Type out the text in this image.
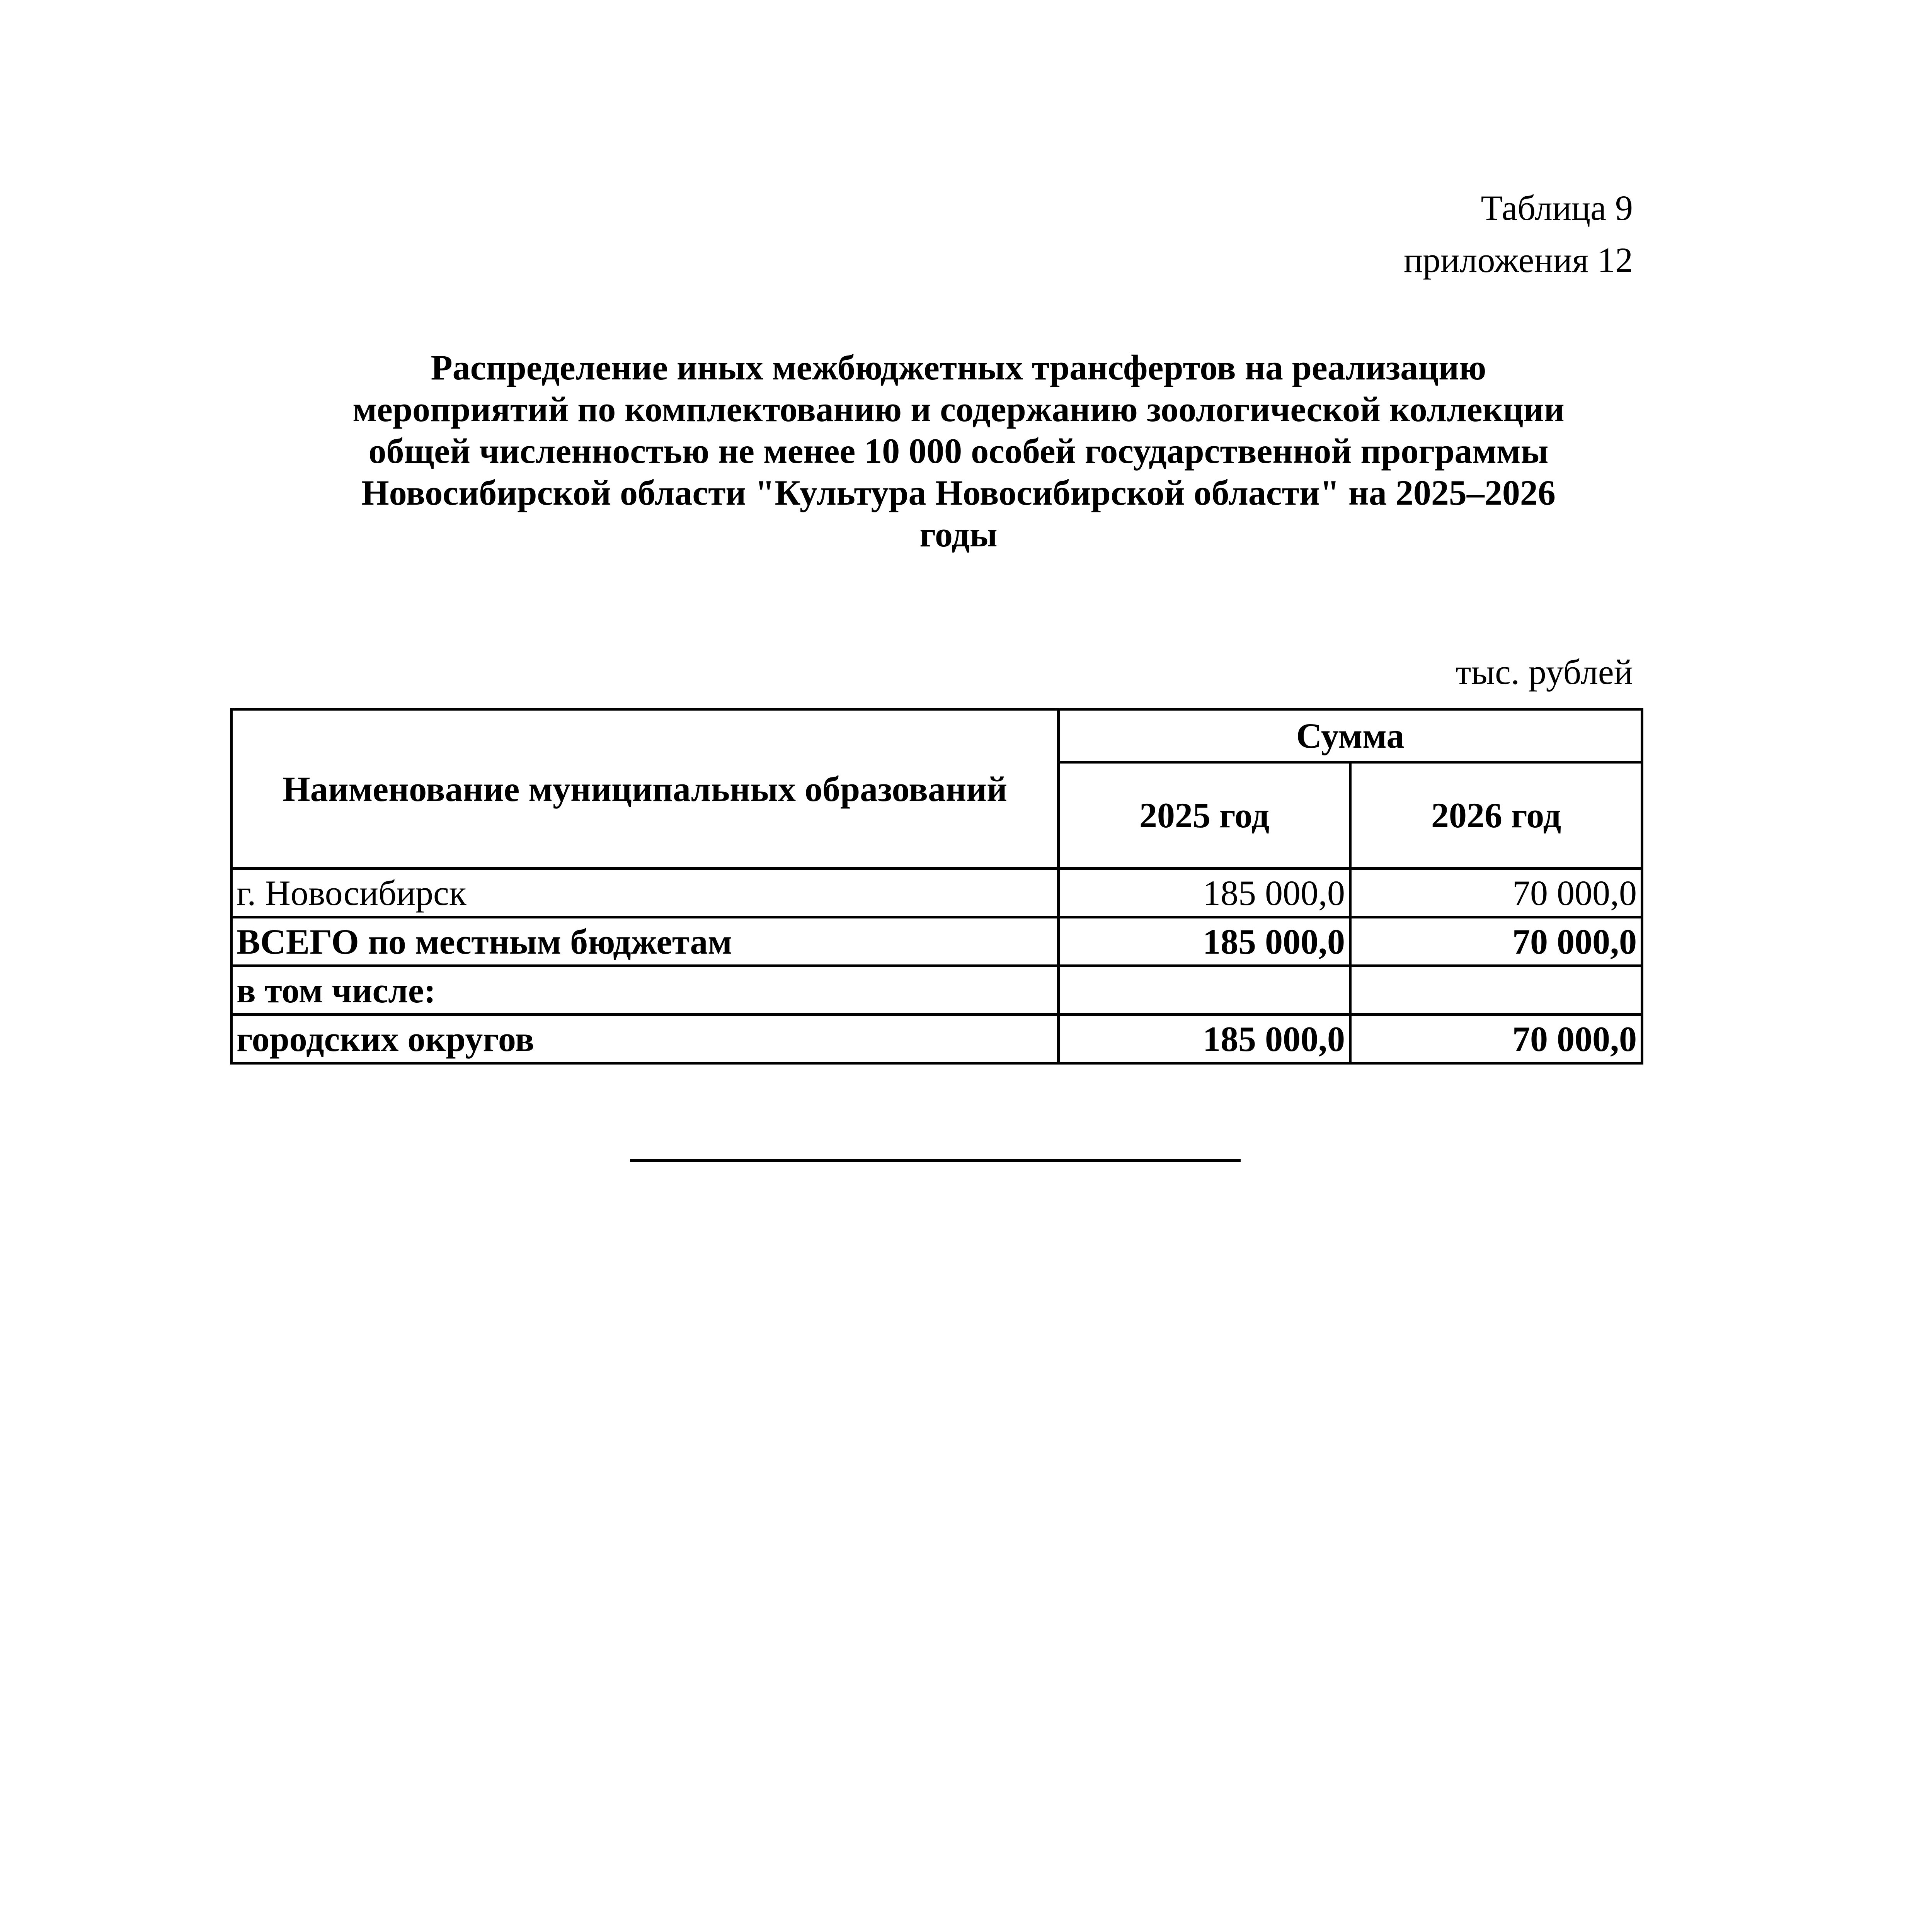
Таблица 9
приложения 12
Распределение иных межбюджетных трансфертов на реализацию
мероприятий по комплектованию и содержанию зоологической коллекции
общей численностью не менее 10 000 особей государственной программы
Новосибирской области "Культура Новосибирской области" на 2025–2026
годы
тыс. рублей
Наименование муниципальных образований	Сумма	
	2025 год	2026 год
г. Новосибирск	185 000,0	70 000,0
ВСЕГО по местным бюджетам	185 000,0	70 000,0
в том числе:		
городских округов	185 000,0	70 000,0
